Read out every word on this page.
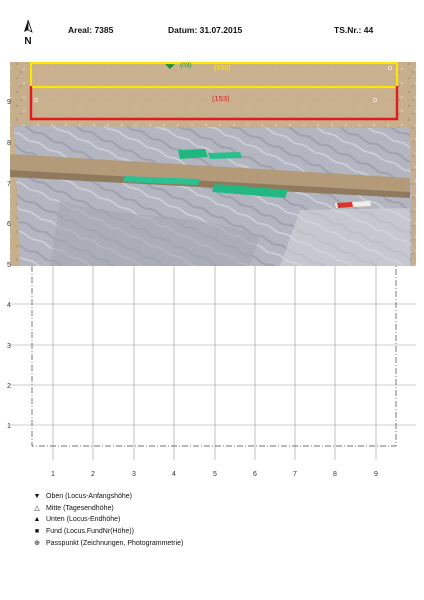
N
Areal: 7385	Datum: 31.07.2015	TS.Nr.: 44
(03)	(150)
(153)
9
8
7
6
5
4
3
2
1
1	2	3	4	5	6	7	8	9
▼ Oben (Locus-Anfangshöhe)
△ Mitte (Tagesendhöhe)
▲ Unten (Locus-Endhöhe)
■ Fund (Locus.FundNr(Höhe))
⊕ Passpunkt (Zeichnungen, Photogrammetrie)
